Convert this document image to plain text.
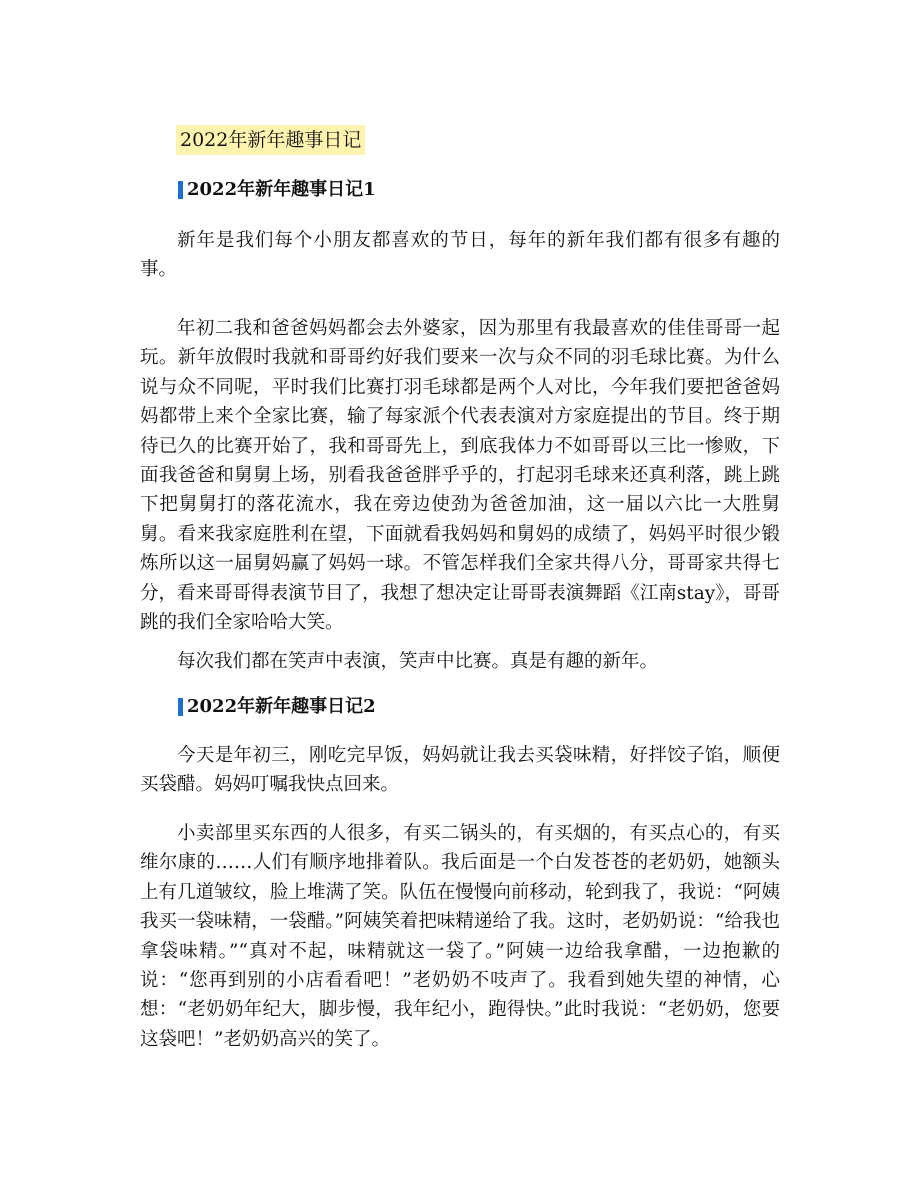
2022年新年趣事日记
2022年新年趣事日记1

新年是我们每个小朋友都喜欢的节日，每年的新年我们都有很多有趣的事。

年初二我和爸爸妈妈都会去外婆家，因为那里有我最喜欢的佳佳哥哥一起玩。新年放假时我就和哥哥约好我们要来一次与众不同的羽毛球比赛。为什么说与众不同呢，平时我们比赛打羽毛球都是两个人对比，今年我们要把爸爸妈妈都带上来个全家比赛，输了每家派个代表表演对方家庭提出的节目。终于期待已久的比赛开始了，我和哥哥先上，到底我体力不如哥哥以三比一惨败，下面我爸爸和舅舅上场，别看我爸爸胖乎乎的，打起羽毛球来还真利落，跳上跳下把舅舅打的落花流水，我在旁边使劲为爸爸加油，这一届以六比一大胜舅舅。看来我家庭胜利在望，下面就看我妈妈和舅妈的成绩了，妈妈平时很少锻炼所以这一届舅妈赢了妈妈一球。不管怎样我们全家共得八分，哥哥家共得七分，看来哥哥得表演节目了，我想了想决定让哥哥表演舞蹈《江南stay》，哥哥跳的我们全家哈哈大笑。

每次我们都在笑声中表演，笑声中比赛。真是有趣的新年。

2022年新年趣事日记2

今天是年初三，刚吃完早饭，妈妈就让我去买袋味精，好拌饺子馅，顺便买袋醋。妈妈叮嘱我快点回来。

小卖部里买东西的人很多，有买二锅头的，有买烟的，有买点心的，有买维尔康的……人们有顺序地排着队。我后面是一个白发苍苍的老奶奶，她额头上有几道皱纹，脸上堆满了笑。队伍在慢慢向前移动，轮到我了，我说：“阿姨我买一袋味精，一袋醋。”阿姨笑着把味精递给了我。这时，老奶奶说：“给我也拿袋味精。”“真对不起，味精就这一袋了。”阿姨一边给我拿醋，一边抱歉的说：“您再到别的小店看看吧！”老奶奶不吱声了。我看到她失望的神情，心想：“老奶奶年纪大，脚步慢，我年纪小，跑得快。”此时我说：“老奶奶，您要这袋吧！”老奶奶高兴的笑了。
